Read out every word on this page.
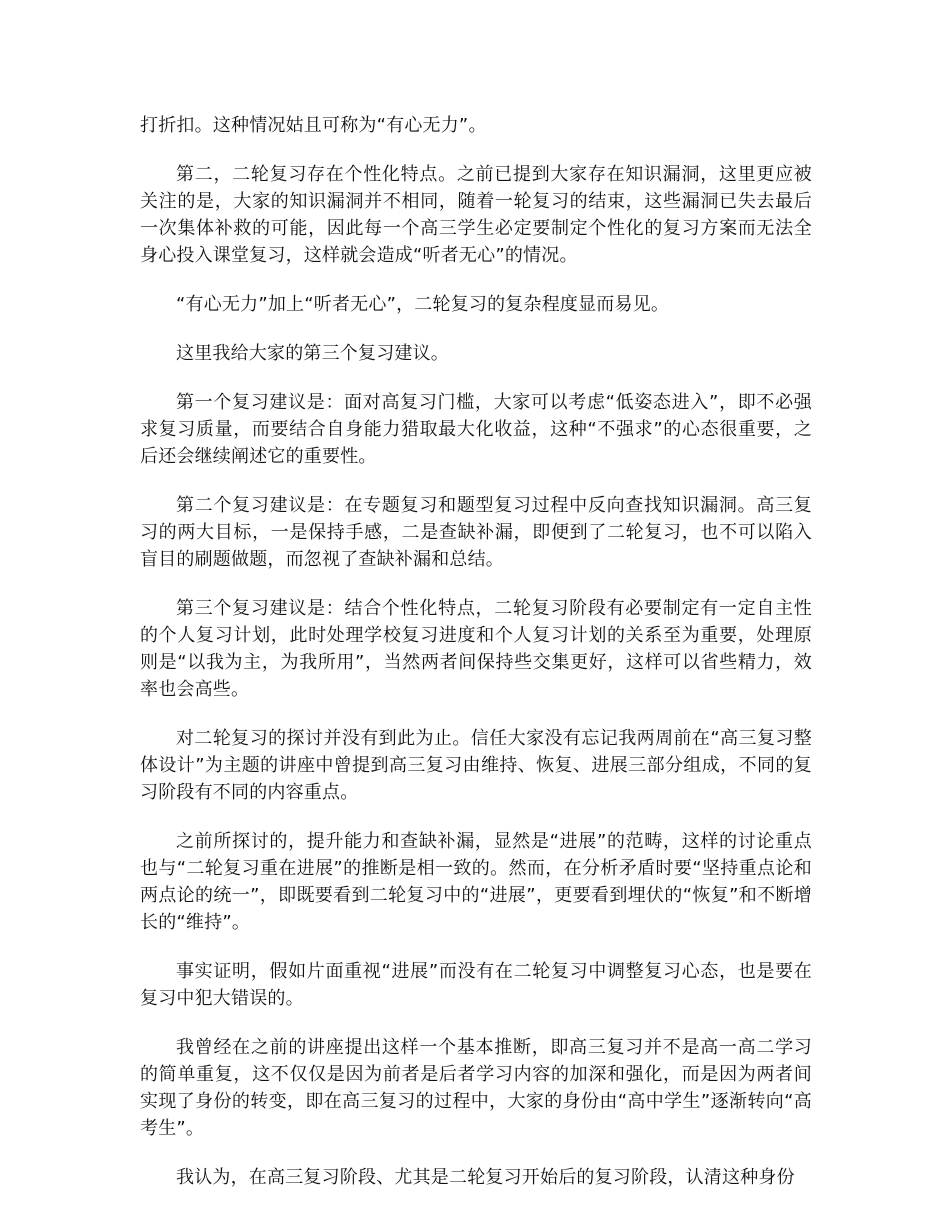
打折扣。这种情况姑且可称为“有心无力”。

第二，二轮复习存在个性化特点。之前已提到大家存在知识漏洞，这里更应被关注的是，大家的知识漏洞并不相同，随着一轮复习的结束，这些漏洞已失去最后一次集体补救的可能，因此每一个高三学生必定要制定个性化的复习方案而无法全身心投入课堂复习，这样就会造成“听者无心”的情况。

“有心无力”加上“听者无心”，二轮复习的复杂程度显而易见。

这里我给大家的第三个复习建议。

第一个复习建议是：面对高复习门槛，大家可以考虑“低姿态进入”，即不必强求复习质量，而要结合自身能力猎取最大化收益，这种“不强求”的心态很重要，之后还会继续阐述它的重要性。

第二个复习建议是：在专题复习和题型复习过程中反向查找知识漏洞。高三复习的两大目标，一是保持手感，二是查缺补漏，即便到了二轮复习，也不可以陷入盲目的刷题做题，而忽视了查缺补漏和总结。

第三个复习建议是：结合个性化特点，二轮复习阶段有必要制定有一定自主性的个人复习计划，此时处理学校复习进度和个人复习计划的关系至为重要，处理原则是“以我为主，为我所用”，当然两者间保持些交集更好，这样可以省些精力，效率也会高些。

对二轮复习的探讨并没有到此为止。信任大家没有忘记我两周前在“高三复习整体设计”为主题的讲座中曾提到高三复习由维持、恢复、进展三部分组成，不同的复习阶段有不同的内容重点。

之前所探讨的，提升能力和查缺补漏，显然是“进展”的范畴，这样的讨论重点也与“二轮复习重在进展”的推断是相一致的。然而，在分析矛盾时要“坚持重点论和两点论的统一”，即既要看到二轮复习中的“进展”，更要看到埋伏的“恢复”和不断增长的“维持”。

事实证明，假如片面重视“进展”而没有在二轮复习中调整复习心态，也是要在复习中犯大错误的。

我曾经在之前的讲座提出这样一个基本推断，即高三复习并不是高一高二学习的简单重复，这不仅仅是因为前者是后者学习内容的加深和强化，而是因为两者间实现了身份的转变，即在高三复习的过程中，大家的身份由“高中学生”逐渐转向“高考生”。

我认为，在高三复习阶段、尤其是二轮复习开始后的复习阶段，认清这种身份
